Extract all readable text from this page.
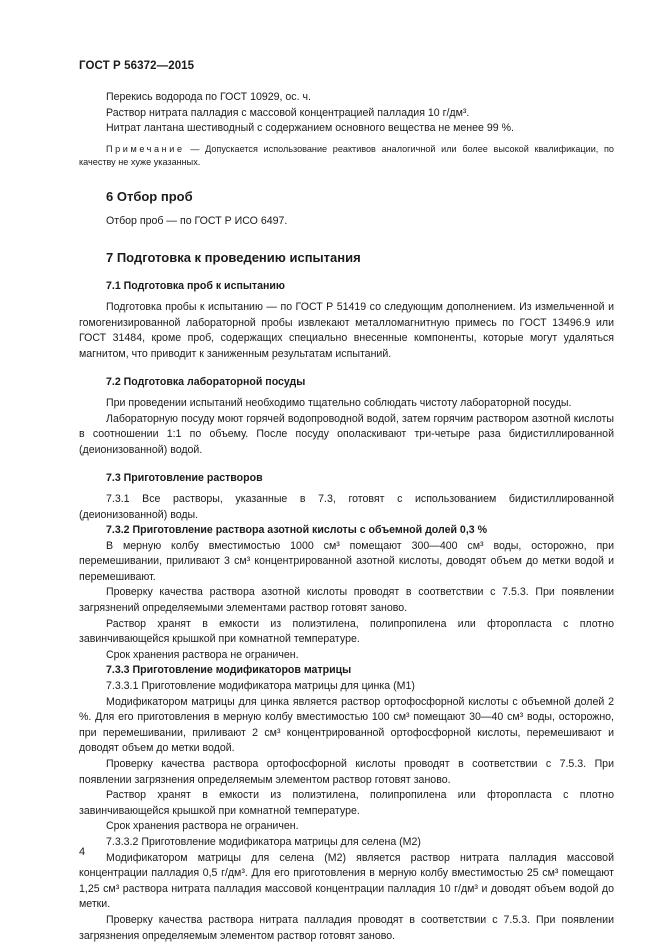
ГОСТ Р 56372—2015

Перекись водорода по ГОСТ 10929, ос. ч.

Раствор нитрата палладия с массовой концентрацией палладия 10 г/дм³.

Нитрат лантана шестиводный с содержанием основного вещества не менее 99 %.

Примечание — Допускается использование реактивов аналогичной или более высокой квалификации, по качеству не хуже указанных.

6 Отбор проб

Отбор проб — по ГОСТ Р ИСО 6497.

7 Подготовка к проведению испытания
7.1 Подготовка проб к испытанию

Подготовка пробы к испытанию — по ГОСТ Р 51419 со следующим дополнением. Из измельченной и гомогенизированной лабораторной пробы извлекают металломагнитную примесь по ГОСТ 13496.9 или ГОСТ 31484, кроме проб, содержащих специально внесенные компоненты, которые могут удаляться магнитом, что приводит к заниженным результатам испытаний.

7.2 Подготовка лабораторной посуды

При проведении испытаний необходимо тщательно соблюдать чистоту лабораторной посуды.

Лабораторную посуду моют горячей водопроводной водой, затем горячим раствором азотной кислоты в соотношении 1:1 по объему. После посуду ополаскивают три-четыре раза бидистиллированной (деионизованной) водой.

7.3 Приготовление растворов

7.3.1 Все растворы, указанные в 7.3, готовят с использованием бидистиллированной (деионизованной) воды.

7.3.2 Приготовление раствора азотной кислоты с объемной долей 0,3 %

В мерную колбу вместимостью 1000 см³ помещают 300—400 см³ воды, осторожно, при перемешивании, приливают 3 см³ концентрированной азотной кислоты, доводят объем до метки водой и перемешивают.

Проверку качества раствора азотной кислоты проводят в соответствии с 7.5.3. При появлении загрязнений определяемыми элементами раствор готовят заново.

Раствор хранят в емкости из полиэтилена, полипропилена или фторопласта с плотно завинчивающейся крышкой при комнатной температуре.

Срок хранения раствора не ограничен.

7.3.3 Приготовление модификаторов матрицы

7.3.3.1 Приготовление модификатора матрицы для цинка (М1)

Модификатором матрицы для цинка является раствор ортофосфорной кислоты с объемной долей 2 %. Для его приготовления в мерную колбу вместимостью 100 см³ помещают 30—40 см³ воды, осторожно, при перемешивании, приливают 2 см³ концентрированной ортофосфорной кислоты, перемешивают и доводят объем до метки водой.

Проверку качества раствора ортофосфорной кислоты проводят в соответствии с 7.5.3. При появлении загрязнения определяемым элементом раствор готовят заново.

Раствор хранят в емкости из полиэтилена, полипропилена или фторопласта с плотно завинчивающейся крышкой при комнатной температуре.

Срок хранения раствора не ограничен.

7.3.3.2 Приготовление модификатора матрицы для селена (М2)

Модификатором матрицы для селена (М2) является раствор нитрата палладия массовой концентрации палладия 0,5 г/дм³. Для его приготовления в мерную колбу вместимостью 25 см³ помещают 1,25 см³ раствора нитрата палладия массовой концентрации палладия 10 г/дм³ и доводят объем водой до метки.

Проверку качества раствора нитрата палладия проводят в соответствии с 7.5.3. При появлении загрязнения определяемым элементом раствор готовят заново.

4
